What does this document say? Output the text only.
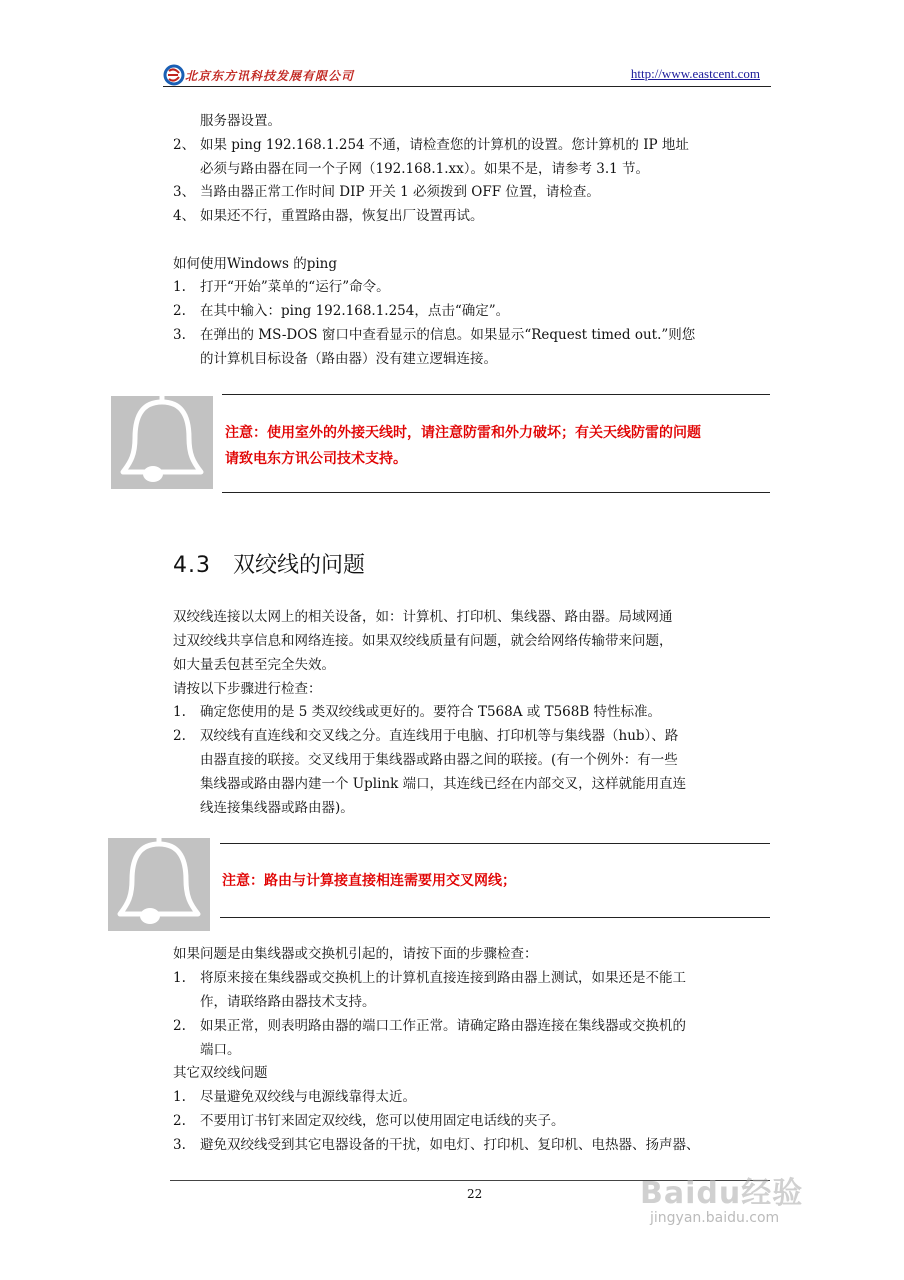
北京东方讯科技发展有限公司	http://www.eastcent.com
服务器设置。
2、 如果 ping 192.168.1.254 不通，请检查您的计算机的设置。您计算机的 IP 地址
必须与路由器在同一个子网（192.168.1.xx）。如果不是，请参考 3.1 节。
3、 当路由器正常工作时间 DIP 开关 1 必须拨到 OFF 位置，请检查。
4、 如果还不行，重置路由器，恢复出厂设置再试。
如何使用Windows 的ping
1. 打开“开始”菜单的“运行”命令。
2. 在其中输入：ping 192.168.1.254，点击“确定”。
3. 在弹出的 MS-DOS 窗口中查看显示的信息。如果显示“Request timed out.”则您
的计算机目标设备（路由器）没有建立逻辑连接。
注意：使用室外的外接天线时，请注意防雷和外力破坏；有关天线防雷的问题
请致电东方讯公司技术支持。
4.3 双绞线的问题
双绞线连接以太网上的相关设备，如：计算机、打印机、集线器、路由器。局域网通
过双绞线共享信息和网络连接。如果双绞线质量有问题，就会给网络传输带来问题，
如大量丢包甚至完全失效。
请按以下步骤进行检查：
1. 确定您使用的是 5 类双绞线或更好的。要符合 T568A 或 T568B 特性标准。
2. 双绞线有直连线和交叉线之分。直连线用于电脑、打印机等与集线器（hub）、路
由器直接的联接。交叉线用于集线器或路由器之间的联接。(有一个例外：有一些
集线器或路由器内建一个 Uplink 端口，其连线已经在内部交叉，这样就能用直连
线连接集线器或路由器)。
注意：路由与计算接直接相连需要用交叉网线；
如果问题是由集线器或交换机引起的，请按下面的步骤检查：
1. 将原来接在集线器或交换机上的计算机直接连接到路由器上测试，如果还是不能工
作，请联络路由器技术支持。
2. 如果正常，则表明路由器的端口工作正常。请确定路由器连接在集线器或交换机的
端口。
其它双绞线问题
1. 尽量避免双绞线与电源线靠得太近。
2. 不要用订书钉来固定双绞线，您可以使用固定电话线的夹子。
3. 避免双绞线受到其它电器设备的干扰，如电灯、打印机、复印机、电热器、扬声器、
22	Baidu经验
jingyan.baidu.com
